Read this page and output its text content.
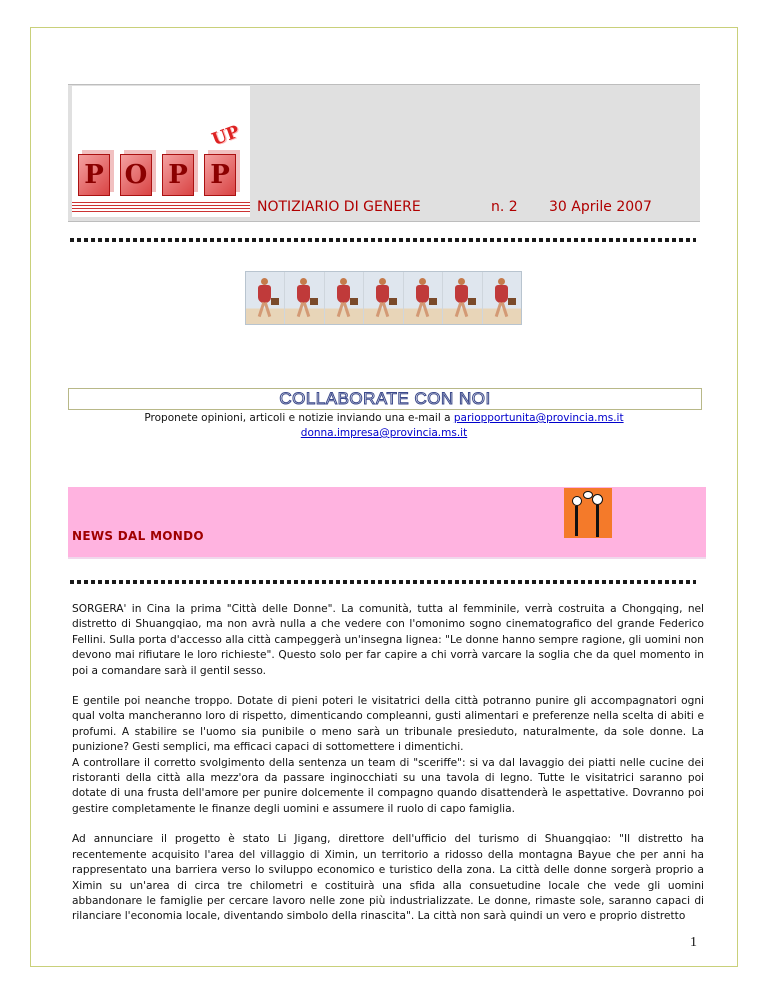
P O P P
UP
NOTIZIARIO DI GENERE	n. 2 30 Aprile 2007
COLLABORATE CON NOI
Proponete opinioni, articoli e notizie inviando una e-mail a pariopportunita@provincia.ms.it
donna.impresa@provincia.ms.it
NEWS DAL MONDO

SORGERA' in Cina la prima "Città delle Donne". La comunità, tutta al femminile, verrà costruita a Chongqing, nel distretto di Shuangqiao, ma non avrà nulla a che vedere con l'omonimo sogno cinematografico del grande Federico Fellini. Sulla porta d'accesso alla città campeggerà un'insegna lignea: "Le donne hanno sempre ragione, gli uomini non devono mai rifiutare le loro richieste". Questo solo per far capire a chi vorrà varcare la soglia che da quel momento in poi a comandare sarà il gentil sesso.

E gentile poi neanche troppo. Dotate di pieni poteri le visitatrici della città potranno punire gli accompagnatori ogni qual volta mancheranno loro di rispetto, dimenticando compleanni, gusti alimentari e preferenze nella scelta di abiti e profumi. A stabilire se l'uomo sia punibile o meno sarà un tribunale presieduto, naturalmente, da sole donne. La punizione? Gesti semplici, ma efficaci capaci di sottomettere i dimentichi.

A controllare il corretto svolgimento della sentenza un team di "sceriffe": si va dal lavaggio dei piatti nelle cucine dei ristoranti della città alla mezz'ora da passare inginocchiati su una tavola di legno. Tutte le visitatrici saranno poi dotate di una frusta dell'amore per punire dolcemente il compagno quando disattenderà le aspettative. Dovranno poi gestire completamente le finanze degli uomini e assumere il ruolo di capo famiglia.

Ad annunciare il progetto è stato Li Jigang, direttore dell'ufficio del turismo di Shuangqiao: "Il distretto ha recentemente acquisito l'area del villaggio di Ximin, un territorio a ridosso della montagna Bayue che per anni ha rappresentato una barriera verso lo sviluppo economico e turistico della zona. La città delle donne sorgerà proprio a Ximin su un'area di circa tre chilometri e costituirà una sfida alla consuetudine locale che vede gli uomini abbandonare le famiglie per cercare lavoro nelle zone più industrializzate. Le donne, rimaste sole, saranno capaci di rilanciare l'economia locale, diventando simbolo della rinascita". La città non sarà quindi un vero e proprio distretto

1
